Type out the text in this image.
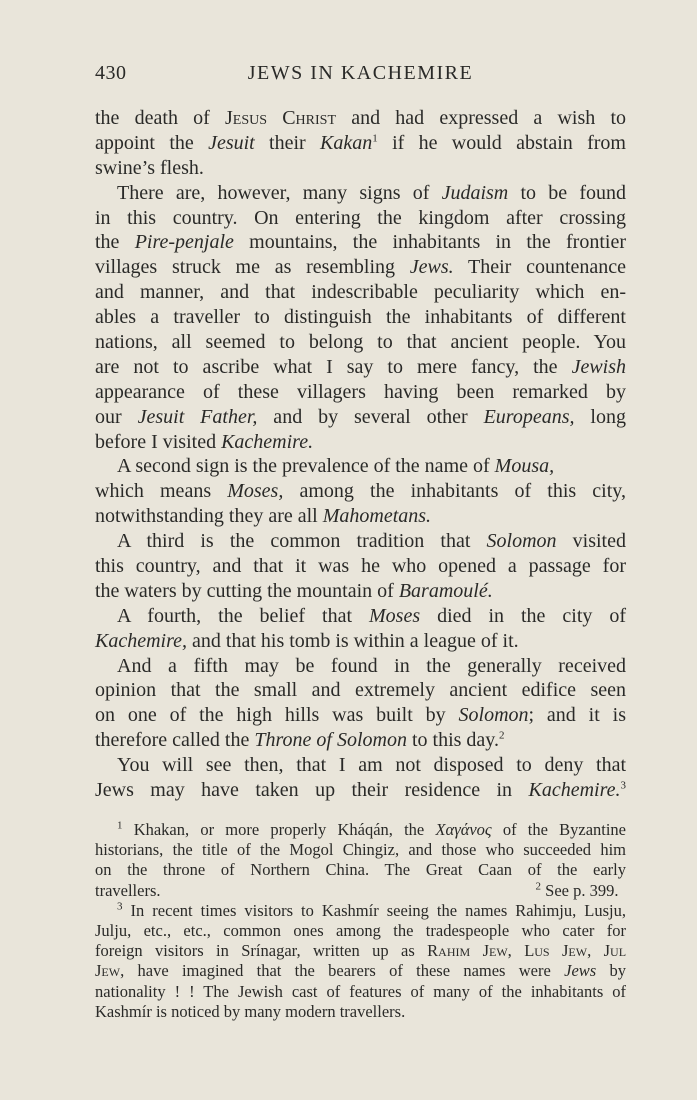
430	JEWS IN KACHEMIRE
the death of Jesus Christ and had expressed a wish to
appoint the Jesuit their Kakan$^1$ if he would abstain from
swine’s flesh.
There are, however, many signs of Judaism to be found
in this country. On entering the kingdom after crossing
the Pire-penjale mountains, the inhabitants in the frontier
villages struck me as resembling Jews. Their countenance
and manner, and that indescribable peculiarity which en-
ables a traveller to distinguish the inhabitants of different
nations, all seemed to belong to that ancient people. You
are not to ascribe what I say to mere fancy, the Jewish
appearance of these villagers having been remarked by
our Jesuit Father, and by several other Europeans, long
before I visited Kachemire.
A second sign is the prevalence of the name of Mousa,
which means Moses, among the inhabitants of this city,
notwithstanding they are all Mahometans.
A third is the common tradition that Solomon visited
this country, and that it was he who opened a passage for
the waters by cutting the mountain of Baramoulé.
A fourth, the belief that Moses died in the city of
Kachemire, and that his tomb is within a league of it.
And a fifth may be found in the generally received
opinion that the small and extremely ancient edifice seen
on one of the high hills was built by Solomon; and it is
therefore called the Throne of Solomon to this day.$^2$
You will see then, that I am not disposed to deny that
Jews may have taken up their residence in Kachemire.$^3$
$^1$ Khakan, or more properly Kháqán, the Χαγάνος of the Byzantine
historians, the title of the Mogol Chingiz, and those who succeeded him
on the throne of Northern China. The Great Caan of the early
travellers.	$^2$ See p. 399.
$^3$ In recent times visitors to Kashmír seeing the names Rahimju, Lusju,
Julju, etc., etc., common ones among the tradespeople who cater for
foreign visitors in Srínagar, written up as Rahim Jew, Lus Jew, Jul
Jew, have imagined that the bearers of these names were Jews by
nationality ! ! The Jewish cast of features of many of the inhabitants of
Kashmír is noticed by many modern travellers.
